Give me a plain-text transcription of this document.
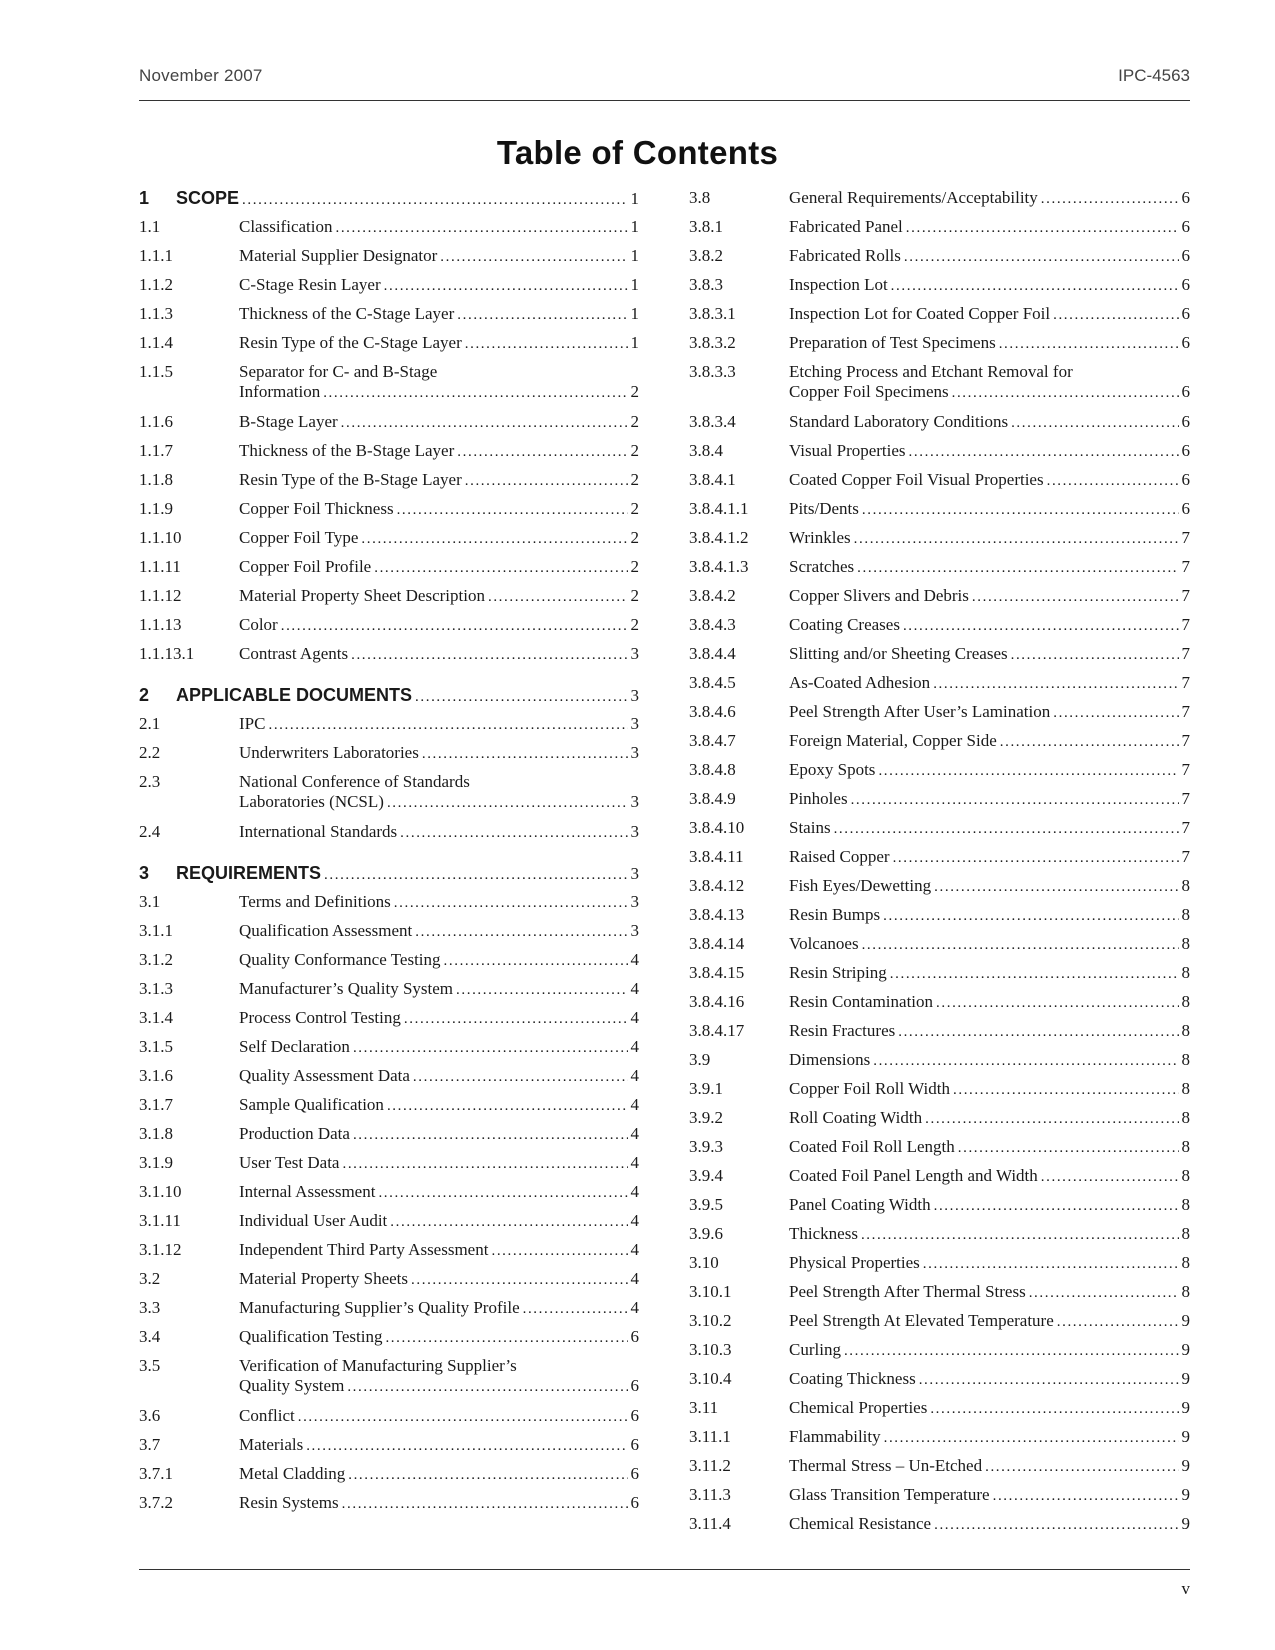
November 2007	IPC-4563
Table of Contents
1 SCOPE .....	1
1.1	Classification .....	1
1.1.1	Material Supplier Designator .....	1
1.1.2	C-Stage Resin Layer .....	1
1.1.3	Thickness of the C-Stage Layer .....	1
1.1.4	Resin Type of the C-Stage Layer .....	1
1.1.5	Separator for C- and B-Stage
Information .....	2
1.1.6	B-Stage Layer .....	2
1.1.7	Thickness of the B-Stage Layer .....	2
1.1.8	Resin Type of the B-Stage Layer .....	2
1.1.9	Copper Foil Thickness .....	2
1.1.10	Copper Foil Type .....	2
1.1.11	Copper Foil Profile .....	2
1.1.12	Material Property Sheet Description .....	2
1.1.13	Color .....	2
1.1.13.1	Contrast Agents .....	3
2 APPLICABLE DOCUMENTS .....	3
2.1	IPC .....	3
2.2	Underwriters Laboratories .....	3
2.3	National Conference of Standards
Laboratories (NCSL) .....	3
2.4	International Standards .....	3
3 REQUIREMENTS .....	3
3.1	Terms and Definitions .....	3
3.1.1	Qualification Assessment .....	3
3.1.2	Quality Conformance Testing .....	4
3.1.3	Manufacturer’s Quality System .....	4
3.1.4	Process Control Testing .....	4
3.1.5	Self Declaration .....	4
3.1.6	Quality Assessment Data .....	4
3.1.7	Sample Qualification .....	4
3.1.8	Production Data .....	4
3.1.9	User Test Data .....	4
3.1.10	Internal Assessment .....	4
3.1.11	Individual User Audit .....	4
3.1.12	Independent Third Party Assessment .....	4
3.2	Material Property Sheets .....	4
3.3	Manufacturing Supplier’s Quality Profile .....	4
3.4	Qualification Testing .....	6
3.5	Verification of Manufacturing Supplier’s
Quality System .....	6
3.6	Conflict .....	6
3.7	Materials .....	6
3.7.1	Metal Cladding .....	6
3.7.2	Resin Systems .....	6
3.8	General Requirements/Acceptability .....	6
3.8.1	Fabricated Panel .....	6
3.8.2	Fabricated Rolls .....	6
3.8.3	Inspection Lot .....	6
3.8.3.1	Inspection Lot for Coated Copper Foil .....	6
3.8.3.2	Preparation of Test Specimens .....	6
3.8.3.3	Etching Process and Etchant Removal for
Copper Foil Specimens .....	6
3.8.3.4	Standard Laboratory Conditions .....	6
3.8.4	Visual Properties .....	6
3.8.4.1	Coated Copper Foil Visual Properties .....	6
3.8.4.1.1 Pits/Dents .....	6
3.8.4.1.2 Wrinkles .....	7
3.8.4.1.3 Scratches .....	7
3.8.4.2	Copper Slivers and Debris .....	7
3.8.4.3	Coating Creases .....	7
3.8.4.4	Slitting and/or Sheeting Creases .....	7
3.8.4.5	As-Coated Adhesion .....	7
3.8.4.6	Peel Strength After User’s Lamination .....	7
3.8.4.7	Foreign Material, Copper Side .....	7
3.8.4.8	Epoxy Spots .....	7
3.8.4.9	Pinholes .....	7
3.8.4.10	Stains .....	7
3.8.4.11	Raised Copper .....	7
3.8.4.12	Fish Eyes/Dewetting .....	8
3.8.4.13	Resin Bumps .....	8
3.8.4.14	Volcanoes .....	8
3.8.4.15	Resin Striping .....	8
3.8.4.16	Resin Contamination .....	8
3.8.4.17	Resin Fractures .....	8
3.9	Dimensions .....	8
3.9.1	Copper Foil Roll Width .....	8
3.9.2	Roll Coating Width .....	8
3.9.3	Coated Foil Roll Length .....	8
3.9.4	Coated Foil Panel Length and Width .....	8
3.9.5	Panel Coating Width .....	8
3.9.6	Thickness .....	8
3.10	Physical Properties .....	8
3.10.1	Peel Strength After Thermal Stress .....	8
3.10.2	Peel Strength At Elevated Temperature .....	9
3.10.3	Curling .....	9
3.10.4	Coating Thickness .....	9
3.11	Chemical Properties .....	9
3.11.1	Flammability .....	9
3.11.2	Thermal Stress – Un-Etched .....	9
3.11.3	Glass Transition Temperature .....	9
3.11.4	Chemical Resistance .....	9
v
